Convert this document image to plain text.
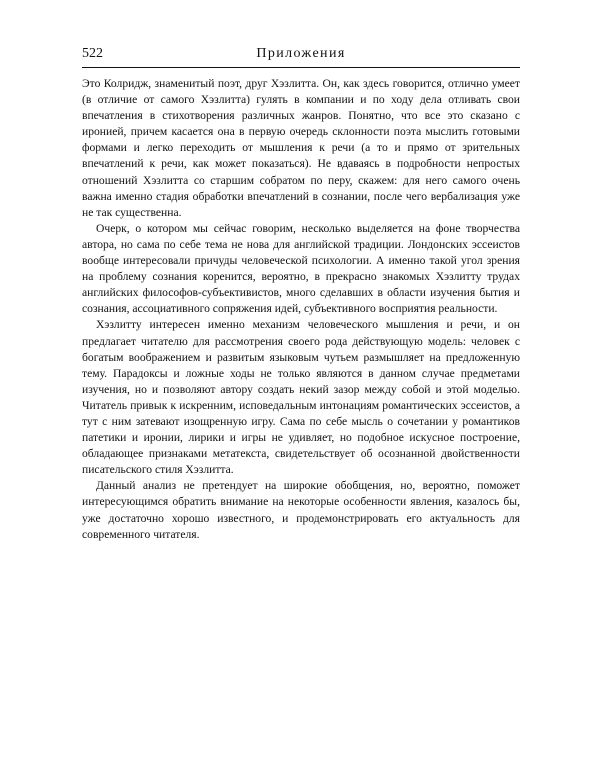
522	Приложения

Это Колридж, знаменитый поэт, друг Хэзлитта. Он, как здесь говорится, отлично умеет (в отличие от самого Хэзлитта) гулять в компании и по ходу дела отливать свои впечатления в стихотворения различных жанров. Понятно, что все это сказано с иронией, причем касается она в первую очередь склонности поэта мыслить готовыми формами и легко переходить от мышления к речи (а то и прямо от зрительных впечатлений к речи, как может показаться). Не вдаваясь в подробности непростых отношений Хэзлитта со старшим собратом по перу, скажем: для него самого очень важна именно стадия обработки впечатлений в сознании, после чего вербализация уже не так существенна.

Очерк, о котором мы сейчас говорим, несколько выделяется на фоне творчества автора, но сама по себе тема не нова для английской традиции. Лондонских эссеистов вообще интересовали причуды человеческой психологии. А именно такой угол зрения на проблему сознания коренится, вероятно, в прекрасно знакомых Хэзлитту трудах английских философов-субъективистов, много сделавших в области изучения бытия и сознания, ассоциативного сопряжения идей, субъективного восприятия реальности.

Хэзлитту интересен именно механизм человеческого мышления и речи, и он предлагает читателю для рассмотрения своего рода действующую модель: человек с богатым воображением и развитым языковым чутьем размышляет на предложенную тему. Парадоксы и ложные ходы не только являются в данном случае предметами изучения, но и позволяют автору создать некий зазор между собой и этой моделью. Читатель привык к искренним, исповедальным интонациям романтических эссеистов, а тут с ним затевают изощренную игру. Сама по себе мысль о сочетании у романтиков патетики и иронии, лирики и игры не удивляет, но подобное искусное построение, обладающее признаками метатекста, свидетельствует об осознанной двойственности писательского стиля Хэзлитта.

Данный анализ не претендует на широкие обобщения, но, вероятно, поможет интересующимся обратить внимание на некоторые особенности явления, казалось бы, уже достаточно хорошо известного, и продемонстрировать его актуальность для современного читателя.
